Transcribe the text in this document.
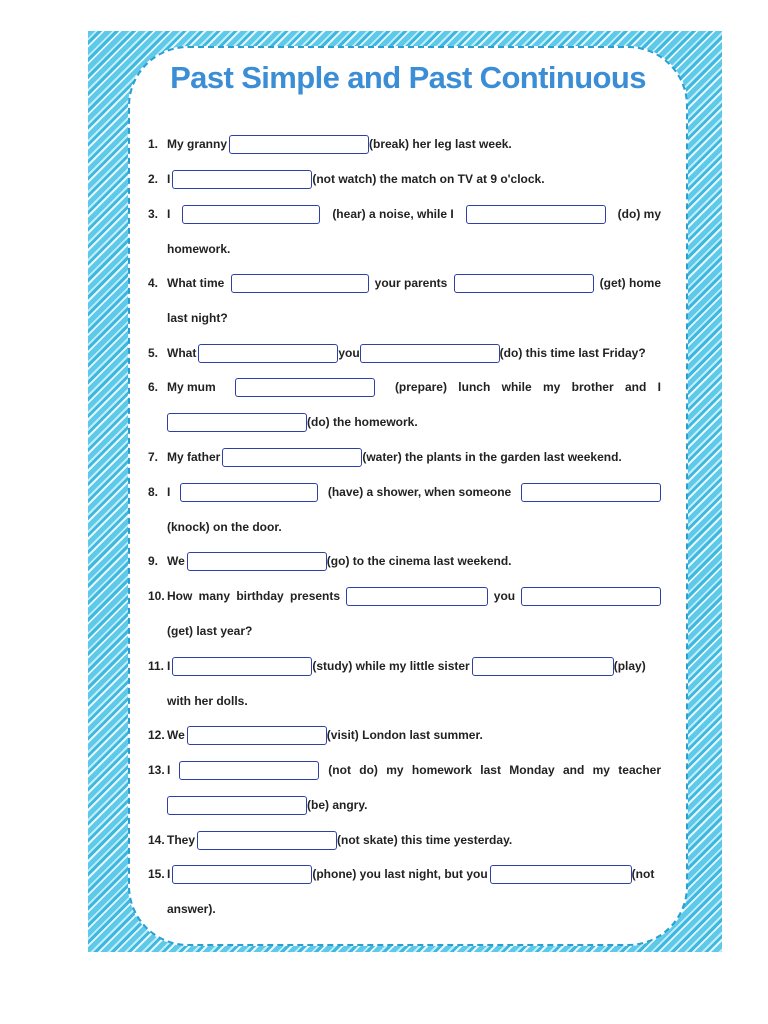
Past Simple and Past Continuous
1. My granny	(break) her leg last week.
2. I	(not watch) the match on TV at 9 o'clock.
3. I	(hear) a noise, while I	(do) my
homework.
4. What time	your parents	(get) home
last night?
5. What	you	(do) this time last Friday?
6. My mum	(prepare) lunch while my brother and I
(do) the homework.
7. My father	(water) the plants in the garden last weekend.
8. I	(have) a shower, when someone
(knock) on the door.
9. We	(go) to the cinema last weekend.
10. How many birthday presents	you
(get) last year?
11. I	(study) while my little sister	(play)
with her dolls.
12. We	(visit) London last summer.
13. I	(not do) my homework last Monday and my teacher
(be) angry.
14. They	(not skate) this time yesterday.
15. I	(phone) you last night, but you	(not
answer).
